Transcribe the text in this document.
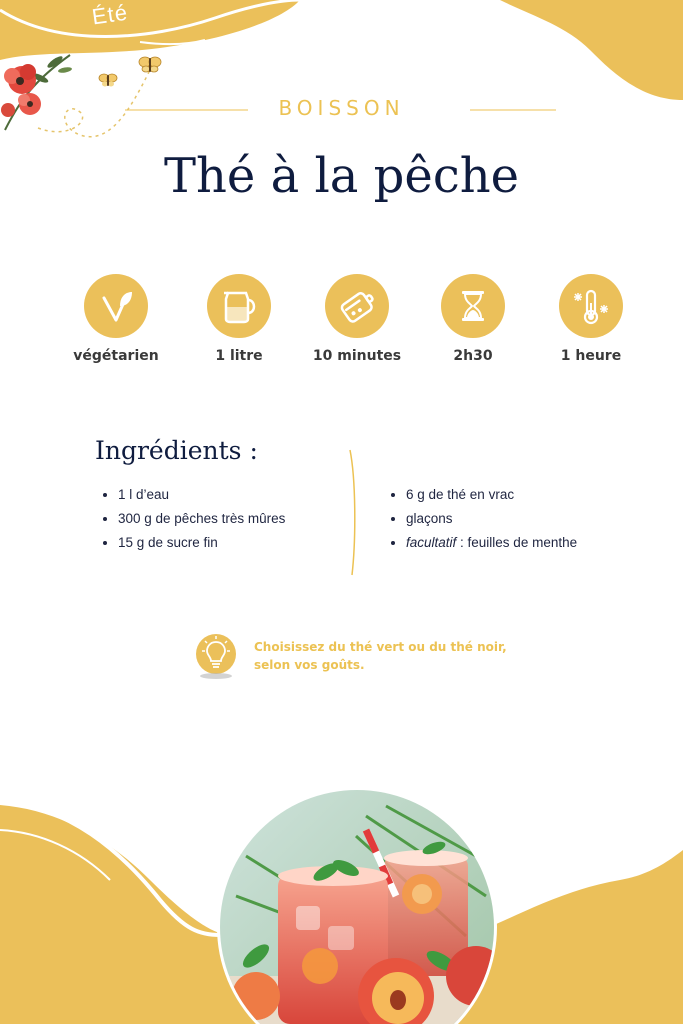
Été
BOISSON
Thé à la pêche
végétarien	1 litre	10 minutes	2h30	1 heure
Ingrédients :
• 1 l d’eau
• 300 g de pêches très mûres
• 15 g de sucre fin
• 6 g de thé en vrac
• glaçons
• facultatif : feuilles de menthe
Choisissez du thé vert ou du thé noir,
selon vos goûts.
